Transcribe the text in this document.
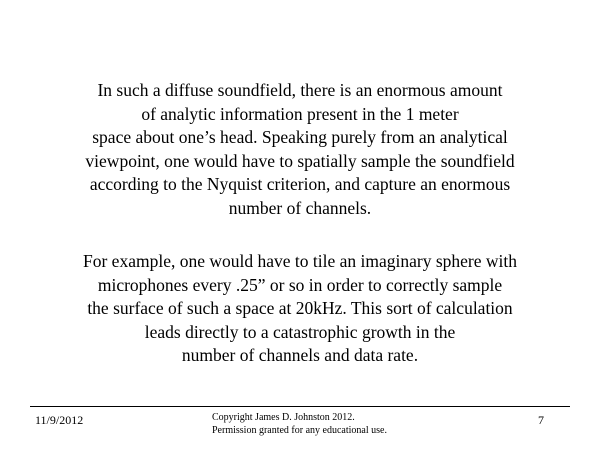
In such a diffuse soundfield, there is an enormous amount
of analytic information present in the 1 meter
space about one’s head. Speaking purely from an analytical
viewpoint, one would have to spatially sample the soundfield
according to the Nyquist criterion, and capture an enormous
number of channels.

For example, one would have to tile an imaginary sphere with
microphones every .25” or so in order to correctly sample
the surface of such a space at 20kHz. This sort of calculation
leads directly to a catastrophic growth in the
number of channels and data rate.

11/9/2012	Copyright James D. Johnston 2012.
Permission granted for any educational use.
7
